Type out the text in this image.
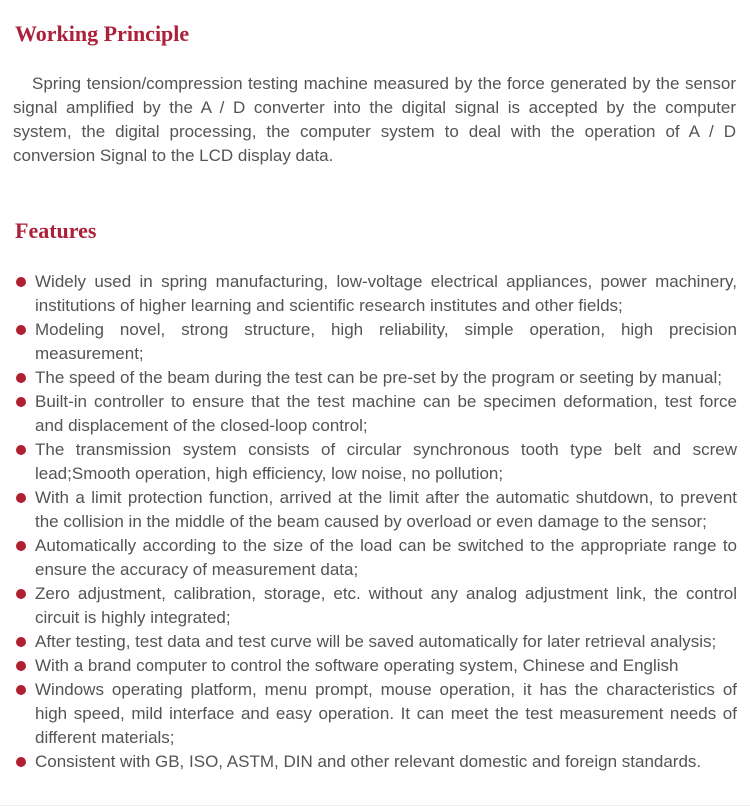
Working Principle

Spring tension/compression testing machine measured by the force generated by the sensor signal amplified by the A / D converter into the digital signal is accepted by the computer system, the digital processing, the computer system to deal with the operation of A / D conversion Signal to the LCD display data.

Features
Widely used in spring manufacturing, low-voltage electrical appliances, power machinery, institutions of higher learning and scientific research institutes and other fields;
Modeling novel, strong structure, high reliability, simple operation, high precision measurement;
The speed of the beam during the test can be pre-set by the program or seeting by manual;
Built-in controller to ensure that the test machine can be specimen deformation, test force and displacement of the closed-loop control;
The transmission system consists of circular synchronous tooth type belt and screw lead;Smooth operation, high efficiency, low noise, no pollution;
With a limit protection function, arrived at the limit after the automatic shutdown, to prevent the collision in the middle of the beam caused by overload or even damage to the sensor;
Automatically according to the size of the load can be switched to the appropriate range to ensure the accuracy of measurement data;
Zero adjustment, calibration, storage, etc. without any analog adjustment link, the control circuit is highly integrated;
After testing, test data and test curve will be saved automatically for later retrieval analysis;
With a brand computer to control the software operating system, Chinese and English
Windows operating platform, menu prompt, mouse operation, it has the characteristics of high speed, mild interface and easy operation. It can meet the test measurement needs of different materials;
Consistent with GB, ISO, ASTM, DIN and other relevant domestic and foreign standards.
